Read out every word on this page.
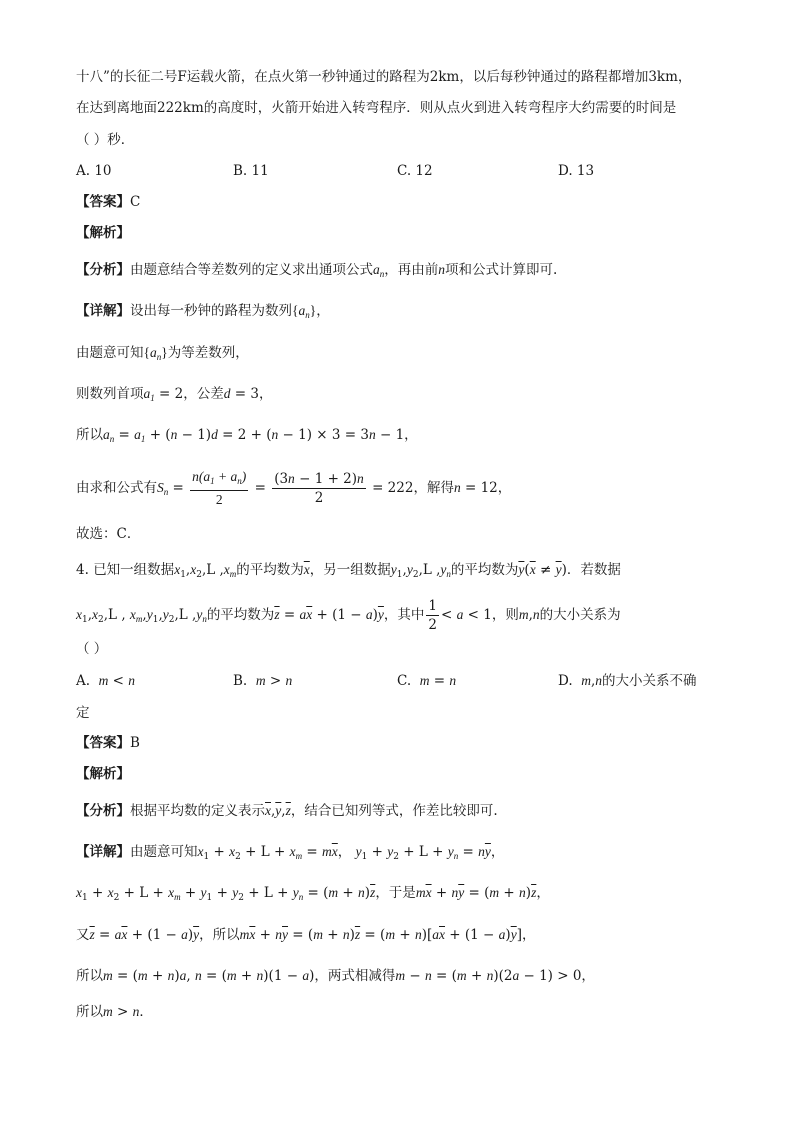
十八”的长征二号F运载火箭，在点火第一秒钟通过的路程为2km，以后每秒钟通过的路程都增加3km，
在达到离地面222km的高度时，火箭开始进入转弯程序．则从点火到进入转弯程序大约需要的时间是
（ ）秒．
A. 10	B. 11	C. 12	D. 13
【答案】C
【解析】
【分析】由题意结合等差数列的定义求出通项公式$a_n$，再由前n项和公式计算即可.
【详解】设出每一秒钟的路程为数列$\{a_n\}$，
由题意可知$\{a_n\}$为等差数列，
则数列首项$a_1 = 2$，公差d = 3，
所以$a_n = a_1 + (n - 1)d = 2 + (n - 1) \times 3 = 3n - 1$，
由求和公式有$S_n = \frac{n(a_1 + a_n)}{2} = \frac{(3n - 1 + 2)n}{2} = 222$，解得n = 12，
故选：C．
4. 已知一组数据$x_1,x_2,L$ $,x_m$的平均数为$\overline{x}$，另一组数据$y_1,y_2,L$ $,y_n$的平均数为$\overline{y}(\overline{x} \ne \overline{y})$．若数据
$x_1,x_2,L$ , $x_m,y_1,y_2,L$ $,y_n$的平均数为$\overline{z} = a\overline{x} + (1 - a)\overline{y}$，其中 $\frac{1}{2} < a < 1$，则m,n的大小关系为
（ ）
A. m < n	B. m > n	C. m = n	D. m,n的大小关系不确
定
【答案】B
【解析】
【分析】根据平均数的定义表示$\overline{x},\overline{y},\overline{z}$，结合已知列等式，作差比较即可.
【详解】由题意可知$x_1 + x_2 + L + x_m = m\overline{x}$， $y_1 + y_2 + L + y_n = n\overline{y}$，
$x_1 + x_2 + L + x_m + y_1 + y_2 + L + y_n = (m + n)\overline{z}$，于是$m\overline{x} + n\overline{y} = (m + n)\overline{z}$，
又$\overline{z} = a\overline{x} + (1 - a)\overline{y}$，所以$m\overline{x} + n\overline{y} = (m + n)\overline{z} = (m + n)[a\overline{x} + (1 - a)\overline{y}]$，
所以m = (m + n)a, n = (m + n)(1 − a)，两式相减得m − n = (m + n)(2a − 1) > 0，
所以m > n．
